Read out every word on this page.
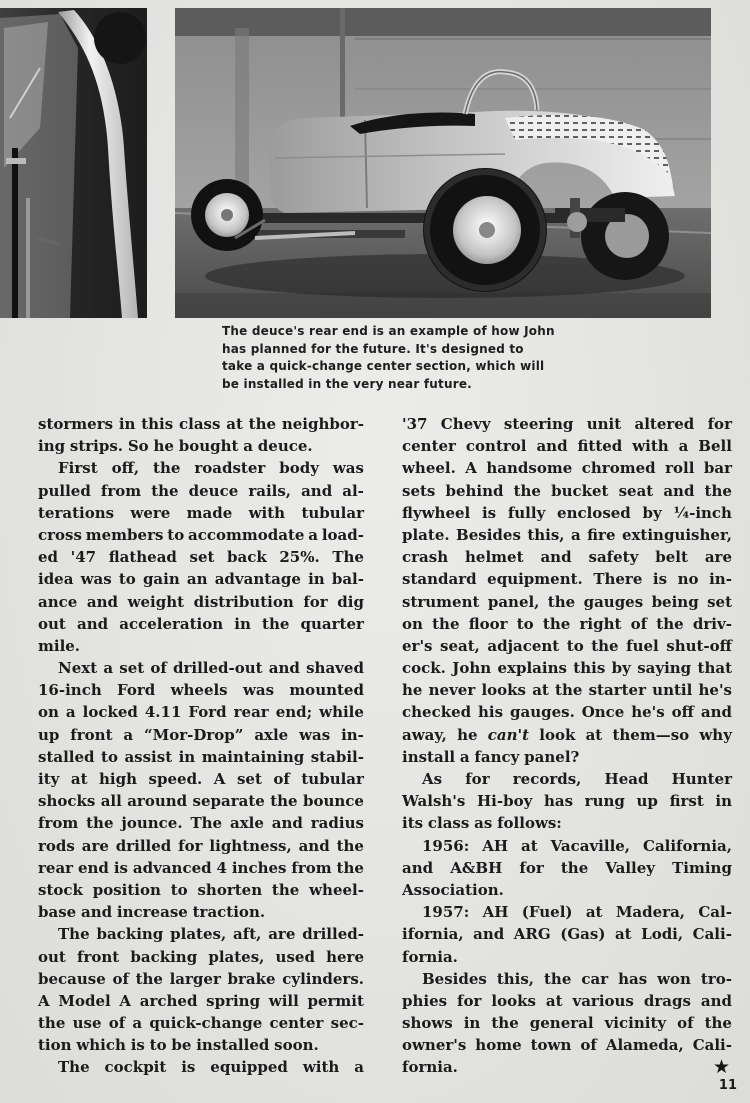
The deuce's rear end is an example of how John
has planned for the future. It's designed to
take a quick-change center section, which will
be installed in the very near future.

stormers in this class at the neighbor-
ing strips. So he bought a deuce.
First off, the roadster body was
pulled from the deuce rails, and al-
terations were made with tubular
cross members to accommodate a load-
ed '47 flathead set back 25%. The
idea was to gain an advantage in bal-
ance and weight distribution for dig
out and acceleration in the quarter
mile.
Next a set of drilled-out and shaved
16-inch Ford wheels was mounted
on a locked 4.11 Ford rear end; while
up front a “Mor-Drop” axle was in-
stalled to assist in maintaining stabil-
ity at high speed. A set of tubular
shocks all around separate the bounce
from the jounce. The axle and radius
rods are drilled for lightness, and the
rear end is advanced 4 inches from the
stock position to shorten the wheel-
base and increase traction.
The backing plates, aft, are drilled-
out front backing plates, used here
because of the larger brake cylinders.
A Model A arched spring will permit
the use of a quick-change center sec-
tion which is to be installed soon.
The cockpit is equipped with a
'37 Chevy steering unit altered for
center control and fitted with a Bell
wheel. A handsome chromed roll bar
sets behind the bucket seat and the
flywheel is fully enclosed by ¼-inch
plate. Besides this, a fire extinguisher,
crash helmet and safety belt are
standard equipment. There is no in-
strument panel, the gauges being set
on the floor to the right of the driv-
er's seat, adjacent to the fuel shut-off
cock. John explains this by saying that
he never looks at the starter until he's
checked his gauges. Once he's off and
away, he can't look at them—so why
install a fancy panel?
As for records, Head Hunter
Walsh's Hi-boy has rung up first in
its class as follows:
1956: AH at Vacaville, California,
and A&BH for the Valley Timing
Association.
1957: AH (Fuel) at Madera, Cal-
ifornia, and ARG (Gas) at Lodi, Cali-
fornia.
Besides this, the car has won tro-
phies for looks at various drags and
shows in the general vicinity of the
owner's home town of Alameda, Cali-
fornia.	★
11
